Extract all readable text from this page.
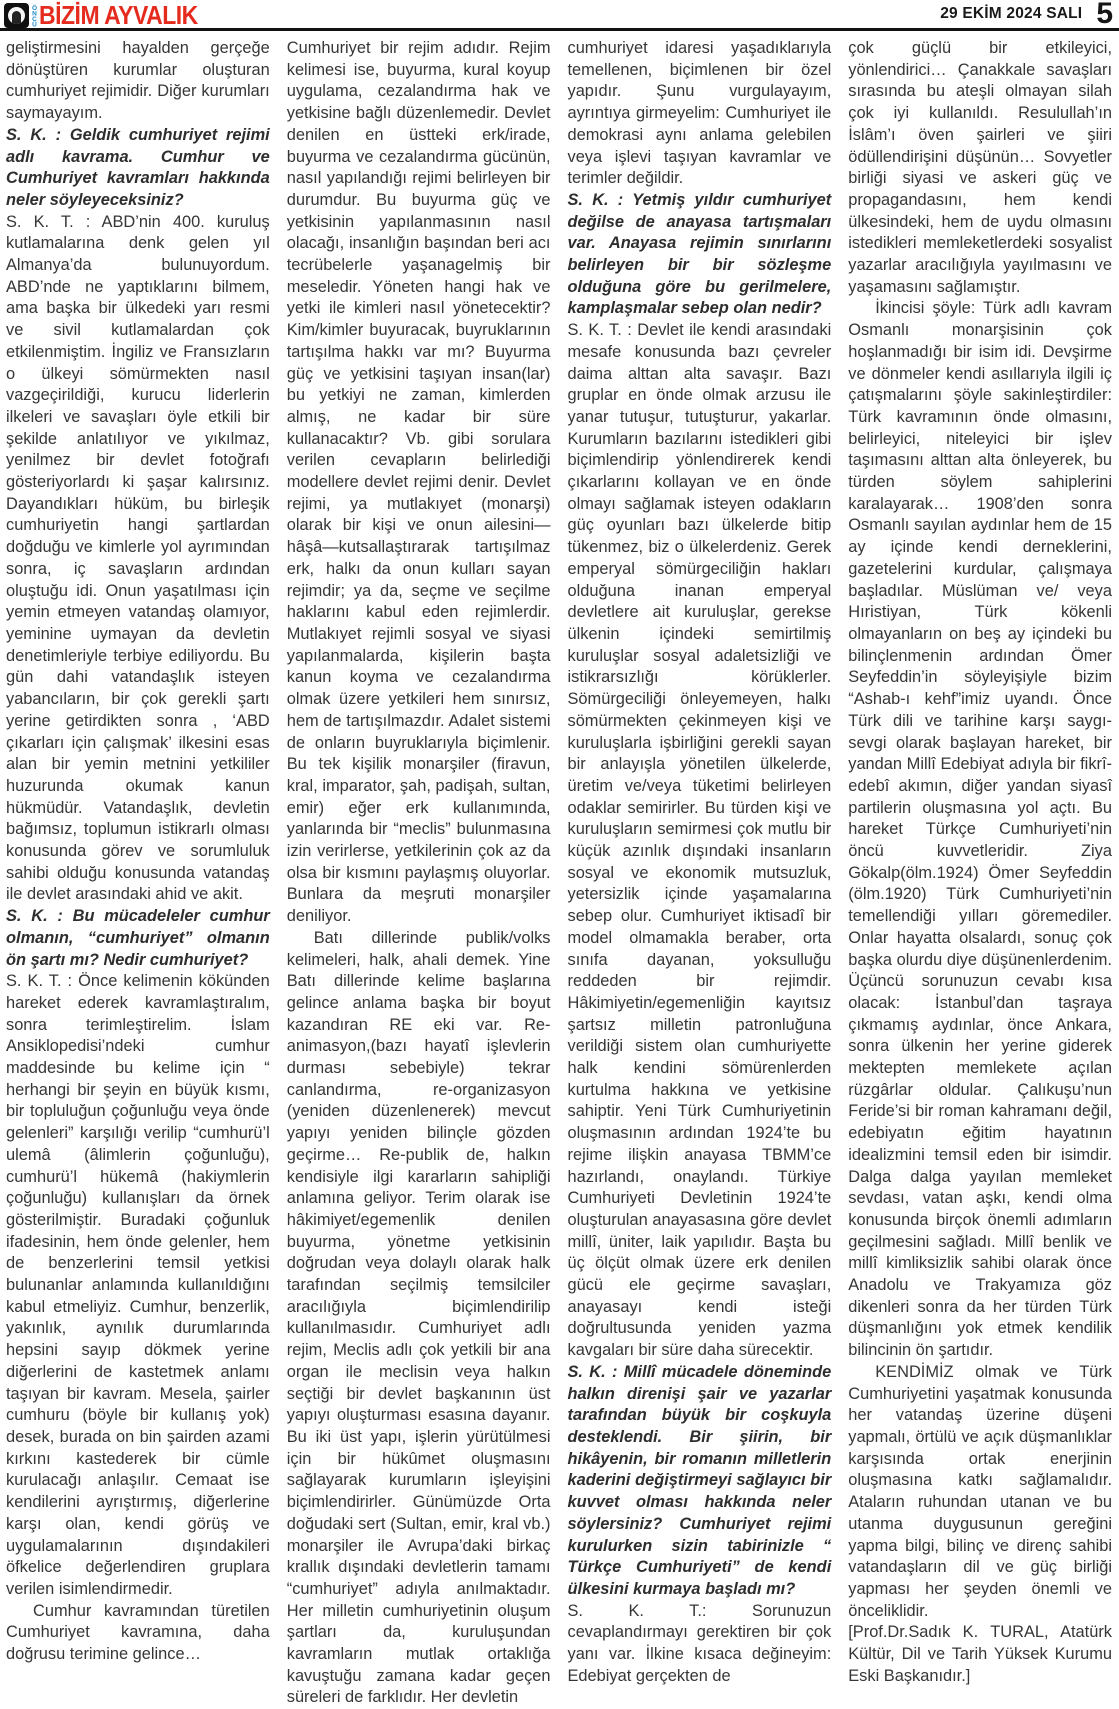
ÖNCÜ BİZİM AYVALIK	29 EKİM 2024 SALI 5

geliştirmesini hayalden gerçeğe dönüştüren kurumlar oluşturan cumhuriyet rejimidir. Diğer kurumları saymayayım.

S. K. : Geldik cumhuriyet rejimi adlı kavrama. Cumhur ve Cumhuriyet kavramları hakkında neler söyleyeceksiniz?

S. K. T. : ABD’nin 400. kuruluş kutlamalarına denk gelen yıl Almanya’da bulunuyordum. ABD’nde ne yaptıklarını bilmem, ama başka bir ülkedeki yarı resmi ve sivil kutlamalardan çok etkilenmiştim. İngiliz ve Fransızların o ülkeyi sömürmekten nasıl vazgeçirildiği, kurucu liderlerin ilkeleri ve savaşları öyle etkili bir şekilde anlatılıyor ve yıkılmaz, yenilmez bir devlet fotoğrafı gösteriyorlardı ki şaşar kalırsınız. Dayandıkları hüküm, bu birleşik cumhuriyetin hangi şartlardan doğduğu ve kimlerle yol ayrımından sonra, iç savaşların ardından oluştuğu idi. Onun yaşatılması için yemin etmeyen vatandaş olamıyor, yeminine uymayan da devletin denetimleriyle terbiye ediliyordu. Bu gün dahi vatandaşlık isteyen yabancıların, bir çok gerekli şartı yerine getirdikten sonra , ‘ABD çıkarları için çalışmak’ ilkesini esas alan bir yemin metnini yetkililer huzurunda okumak kanun hükmüdür. Vatandaşlık, devletin bağımsız, toplumun istikrarlı olması konusunda görev ve sorumluluk sahibi olduğu konusunda vatandaş ile devlet arasındaki ahid ve akit.

S. K. : Bu mücadeleler cumhur olmanın, “cumhuriyet” olmanın ön şartı mı? Nedir cumhuriyet?

S. K. T. : Önce kelimenin kökünden hareket ederek kavramlaştıralım, sonra terimleştirelim. İslam Ansiklopedisi’ndeki cumhur maddesinde bu kelime için “ herhangi bir şeyin en büyük kısmı, bir topluluğun çoğunluğu veya önde gelenleri” karşılığı verilip “cumhurü’l ulemâ (âlimlerin çoğunluğu), cumhurü’l hükemâ (hakiymlerin çoğunluğu) kullanışları da örnek gösterilmiştir. Buradaki çoğunluk ifadesinin, hem önde gelenler, hem de benzerlerini temsil yetkisi bulunanlar anlamında kullanıldığını kabul etmeliyiz. Cumhur, benzerlik, yakınlık, aynılık durumlarında hepsini sayıp dökmek yerine diğerlerini de kastetmek anlamı taşıyan bir kavram. Mesela, şairler cumhuru (böyle bir kullanış yok) desek, burada on bin şairden azami kırkını kastederek bir cümle kurulacağı anlaşılır. Cemaat ise kendilerini ayrıştırmış, diğerlerine karşı olan, kendi görüş ve uygulamalarının dışındakileri öfkelice değerlendiren gruplara verilen isimlendirmedir.

Cumhur kavramından türetilen Cumhuriyet kavramına, daha doğrusu terimine gelince…

Cumhuriyet bir rejim adıdır. Rejim kelimesi ise, buyurma, kural koyup uygulama, cezalandırma hak ve yetkisine bağlı düzenlemedir. Devlet denilen en üstteki erk/irade, buyurma ve cezalandırma gücünün, nasıl yapılandığı rejimi belirleyen bir durumdur. Bu buyurma güç ve yetkisinin yapılanmasının nasıl olacağı, insanlığın başından beri acı tecrübelerle yaşanagelmiş bir meseledir. Yöneten hangi hak ve yetki ile kimleri nasıl yönetecektir? Kim/kimler buyuracak, buyruklarının tartışılma hakkı var mı? Buyurma güç ve yetkisini taşıyan insan(lar) bu yetkiyi ne zaman, kimlerden almış, ne kadar bir süre kullanacaktır? Vb. gibi sorulara verilen cevapların belirlediği modellere devlet rejimi denir. Devlet rejimi, ya mutlakıyet (monarşi) olarak bir kişi ve onun ailesini—hâşâ—kutsallaştırarak tartışılmaz erk, halkı da onun kulları sayan rejimdir; ya da, seçme ve seçilme haklarını kabul eden rejimlerdir. Mutlakıyet rejimli sosyal ve siyasi yapılanmalarda, kişilerin başta kanun koyma ve cezalandırma olmak üzere yetkileri hem sınırsız, hem de tartışılmazdır. Adalet sistemi de onların buyruklarıyla biçimlenir. Bu tek kişilik monarşiler (firavun, kral, imparator, şah, padişah, sultan, emir) eğer erk kullanımında, yanlarında bir “meclis” bulunmasına izin verirlerse, yetkilerinin çok az da olsa bir kısmını paylaşmış oluyorlar. Bunlara da meşruti monarşiler deniliyor.

Batı dillerinde publik/volks kelimeleri, halk, ahali demek. Yine Batı dillerinde kelime başlarına gelince anlama başka bir boyut kazandıran RE eki var. Re-animasyon,(bazı hayatî işlevlerin durması sebebiyle) tekrar canlandırma, re-organizasyon (yeniden düzenlenerek) mevcut yapıyı yeniden bilinçle gözden geçirme… Re-publik de, halkın kendisiyle ilgi kararların sahipliği anlamına geliyor. Terim olarak ise hâkimiyet/egemenlik denilen buyurma, yönetme yetkisinin doğrudan veya dolaylı olarak halk tarafından seçilmiş temsilciler aracılığıyla biçimlendirilip kullanılmasıdır. Cumhuriyet adlı rejim, Meclis adlı çok yetkili bir ana organ ile meclisin veya halkın seçtiği bir devlet başkanının üst yapıyı oluşturması esasına dayanır. Bu iki üst yapı, işlerin yürütülmesi için bir hükûmet oluşmasını sağlayarak kurumların işleyişini biçimlendirirler. Günümüzde Orta doğudaki sert (Sultan, emir, kral vb.) monarşiler ile Avrupa’daki birkaç krallık dışındaki devletlerin tamamı “cumhuriyet” adıyla anılmaktadır. Her milletin cumhuriyetinin oluşum şartları da, kuruluşundan kavramların mutlak ortaklığa kavuştuğu zamana kadar geçen süreleri de farklıdır. Her devletin

cumhuriyet idaresi yaşadıklarıyla temellenen, biçimlenen bir özel yapıdır. Şunu vurgulayayım, ayrıntıya girmeyelim: Cumhuriyet ile demokrasi aynı anlama gelebilen veya işlevi taşıyan kavramlar ve terimler değildir.

S. K. : Yetmiş yıldır cumhuriyet değilse de anayasa tartışmaları var. Anayasa rejimin sınırlarını belirleyen bir bir sözleşme olduğuna göre bu gerilmelere, kamplaşmalar sebep olan nedir?

S. K. T. : Devlet ile kendi arasındaki mesafe konusunda bazı çevreler daima alttan alta savaşır. Bazı gruplar en önde olmak arzusu ile yanar tutuşur, tutuşturur, yakarlar. Kurumların bazılarını istedikleri gibi biçimlendirip yönlendirerek kendi çıkarlarını kollayan ve en önde olmayı sağlamak isteyen odakların güç oyunları bazı ülkelerde bitip tükenmez, biz o ülkelerdeniz. Gerek emperyal sömürgeciliğin hakları olduğuna inanan emperyal devletlere ait kuruluşlar, gerekse ülkenin içindeki semirtilmiş kuruluşlar sosyal adaletsizliği ve istikrarsızlığı körüklerler. Sömürgeciliği önleyemeyen, halkı sömürmekten çekinmeyen kişi ve kuruluşlarla işbirliğini gerekli sayan bir anlayışla yönetilen ülkelerde, üretim ve/veya tüketimi belirleyen odaklar semirirler. Bu türden kişi ve kuruluşların semirmesi çok mutlu bir küçük azınlık dışındaki insanların sosyal ve ekonomik mutsuzluk, yetersizlik içinde yaşamalarına sebep olur. Cumhuriyet iktisadî bir model olmamakla beraber, orta sınıfa dayanan, yoksulluğu reddeden bir rejimdir. Hâkimiyetin/egemenliğin kayıtsız şartsız milletin patronluğuna verildiği sistem olan cumhuriyette halk kendini sömürenlerden kurtulma hakkına ve yetkisine sahiptir. Yeni Türk Cumhuriyetinin oluşmasının ardından 1924’te bu rejime ilişkin anayasa TBMM’ce hazırlandı, onaylandı. Türkiye Cumhuriyeti Devletinin 1924’te oluşturulan anayasasına göre devlet millî, üniter, laik yapılıdır. Başta bu üç ölçüt olmak üzere erk denilen gücü ele geçirme savaşları, anayasayı kendi isteği doğrultusunda yeniden yazma kavgaları bir süre daha sürecektir.

S. K. : Millî mücadele döneminde halkın direnişi şair ve yazarlar tarafından büyük bir coşkuyla desteklendi. Bir şiirin, bir hikâyenin, bir romanın milletlerin kaderini değiştirmeyi sağlayıcı bir kuvvet olması hakkında neler söylersiniz? Cumhuriyet rejimi kurulurken sizin tabirinizle “ Türkçe Cumhuriyeti” de kendi ülkesini kurmaya başladı mı?

S. K. T.: Sorunuzun cevaplandırmayı gerektiren bir çok yanı var. İlkine kısaca değineyim: Edebiyat gerçekten de

çok güçlü bir etkileyici, yönlendirici… Çanakkale savaşları sırasında bu ateşli olmayan silah çok iyi kullanıldı. Resulullah’ın İslâm’ı öven şairleri ve şiiri ödüllendirişini düşünün… Sovyetler birliği siyasi ve askeri güç ve propagandasını, hem kendi ülkesindeki, hem de uydu olmasını istedikleri memleketlerdeki sosyalist yazarlar aracılığıyla yayılmasını ve yaşamasını sağlamıştır.

İkincisi şöyle: Türk adlı kavram Osmanlı monarşisinin çok hoşlanmadığı bir isim idi. Devşirme ve dönmeler kendi asıllarıyla ilgili iç çatışmalarını şöyle sakinleştirdiler: Türk kavramının önde olmasını, belirleyici, niteleyici bir işlev taşımasını alttan alta önleyerek, bu türden söylem sahiplerini karalayarak… 1908’den sonra Osmanlı sayılan aydınlar hem de 15 ay içinde kendi derneklerini, gazetelerini kurdular, çalışmaya başladılar. Müslüman ve/ veya Hıristiyan, Türk kökenli olmayanların on beş ay içindeki bu bilinçlenmenin ardından Ömer Seyfeddin’in söyleyişiyle bizim “Ashab-ı kehf”imiz uyandı. Önce Türk dili ve tarihine karşı saygı-sevgi olarak başlayan hareket, bir yandan Millî Edebiyat adıyla bir fikrî-edebî akımın, diğer yandan siyasî partilerin oluşmasına yol açtı. Bu hareket Türkçe Cumhuriyeti’nin öncü kuvvetleridir. Ziya Gökalp(ölm.1924) Ömer Seyfeddin (ölm.1920) Türk Cumhuriyeti’nin temellendiği yılları göremediler. Onlar hayatta olsalardı, sonuç çok başka olurdu diye düşünenlerdenim. Üçüncü sorunuzun cevabı kısa olacak: İstanbul’dan taşraya çıkmamış aydınlar, önce Ankara, sonra ülkenin her yerine giderek mektepten memlekete açılan rüzgârlar oldular. Çalıkuşu’nun Feride’si bir roman kahramanı değil, edebiyatın eğitim hayatının idealizmini temsil eden bir isimdir. Dalga dalga yayılan memleket sevdası, vatan aşkı, kendi olma konusunda birçok önemli adımların geçilmesini sağladı. Millî benlik ve millî kimliksizlik sahibi olarak önce Anadolu ve Trakyamıza göz dikenleri sonra da her türden Türk düşmanlığını yok etmek kendilik bilincinin ön şartıdır.

KENDİMİZ olmak ve Türk Cumhuriyetini yaşatmak konusunda her vatandaş üzerine düşeni yapmalı, örtülü ve açık düşmanlıklar karşısında ortak enerjinin oluşmasına katkı sağlamalıdır. Ataların ruhundan utanan ve bu utanma duygusunun gereğini yapma bilgi, bilinç ve direnç sahibi vatandaşların dil ve güç birliği yapması her şeyden önemli ve önceliklidir.

[Prof.Dr.Sadık K. TURAL, Atatürk Kültür, Dil ve Tarih Yüksek Kurumu Eski Başkanıdır.]
